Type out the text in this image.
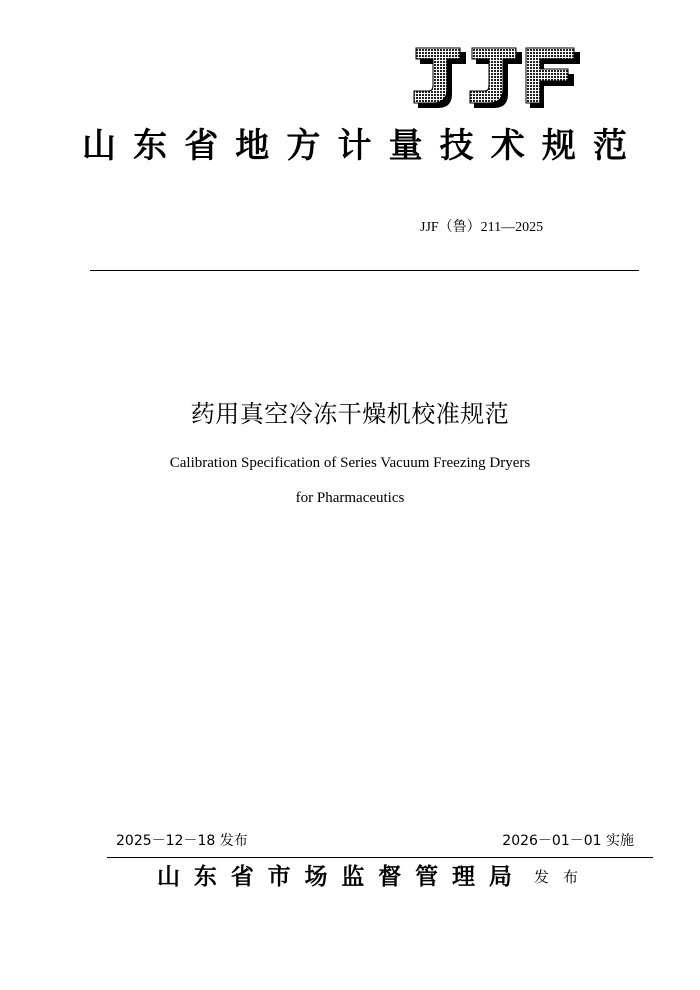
山 东 省 地 方 计 量 技 术 规 范
JJF（鲁）211—2025
药用真空冷冻干燥机校准规范
Calibration Specification of Series Vacuum Freezing Dryers
for Pharmaceutics
2025－12－18 发布	2026－01－01 实施
山 东 省 市 场 监 督 管 理 局 发 布
